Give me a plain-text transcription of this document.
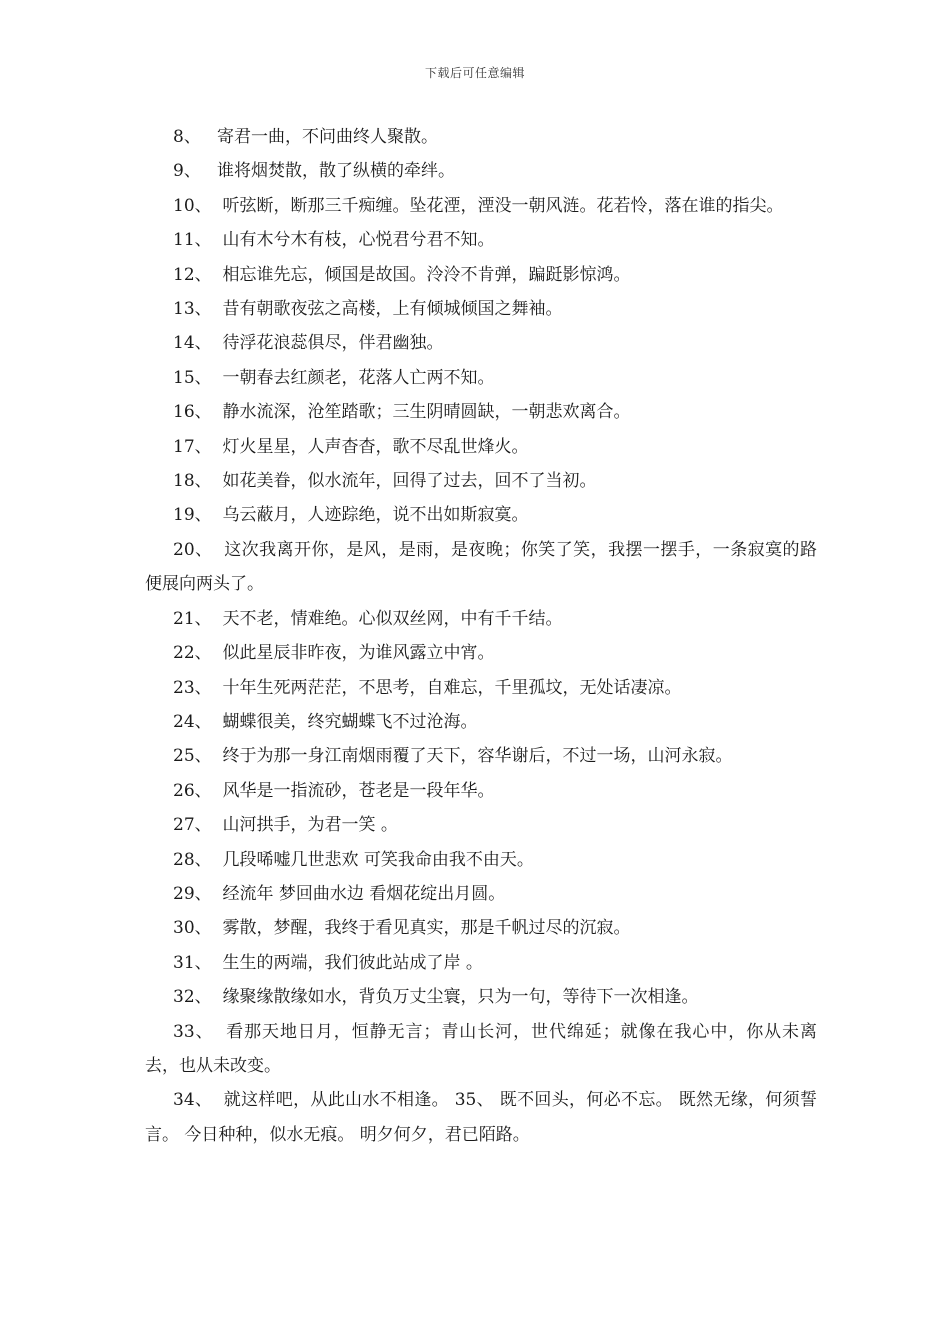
下载后可任意编辑

8、 寄君一曲，不问曲终人聚散。

9、 谁将烟焚散，散了纵横的牵绊。

10、 听弦断，断那三千痴缠。坠花湮，湮没一朝风涟。花若怜，落在谁的指尖。

11、 山有木兮木有枝，心悦君兮君不知。

12、 相忘谁先忘，倾国是故国。泠泠不肯弹，蹁跹影惊鸿。

13、 昔有朝歌夜弦之高楼，上有倾城倾国之舞袖。

14、 待浮花浪蕊俱尽，伴君幽独。

15、 一朝春去红颜老，花落人亡两不知。

16、 静水流深，沧笙踏歌；三生阴晴圆缺，一朝悲欢离合。

17、 灯火星星，人声杳杳，歌不尽乱世烽火。

18、 如花美眷，似水流年，回得了过去，回不了当初。

19、 乌云蔽月，人迹踪绝，说不出如斯寂寞。

20、 这次我离开你，是风，是雨，是夜晚；你笑了笑，我摆一摆手，一条寂寞的路便展向两头了。

21、 天不老，情难绝。心似双丝网，中有千千结。

22、 似此星辰非昨夜，为谁风露立中宵。

23、 十年生死两茫茫，不思考，自难忘，千里孤坟，无处话凄凉。

24、 蝴蝶很美，终究蝴蝶飞不过沧海。

25、 终于为那一身江南烟雨覆了天下，容华谢后，不过一场，山河永寂。

26、 风华是一指流砂，苍老是一段年华。

27、 山河拱手，为君一笑 。

28、 几段唏嘘几世悲欢 可笑我命由我不由天。

29、 经流年 梦回曲水边 看烟花绽出月圆。

30、 雾散，梦醒，我终于看见真实，那是千帆过尽的沉寂。

31、 生生的两端，我们彼此站成了岸 。

32、 缘聚缘散缘如水，背负万丈尘寰，只为一句，等待下一次相逢。

33、 看那天地日月，恒静无言；青山长河，世代绵延；就像在我心中，你从未离去，也从未改变。

34、 就这样吧，从此山水不相逢。 35、 既不回头，何必不忘。 既然无缘，何须誓言。 今日种种，似水无痕。 明夕何夕，君已陌路。
